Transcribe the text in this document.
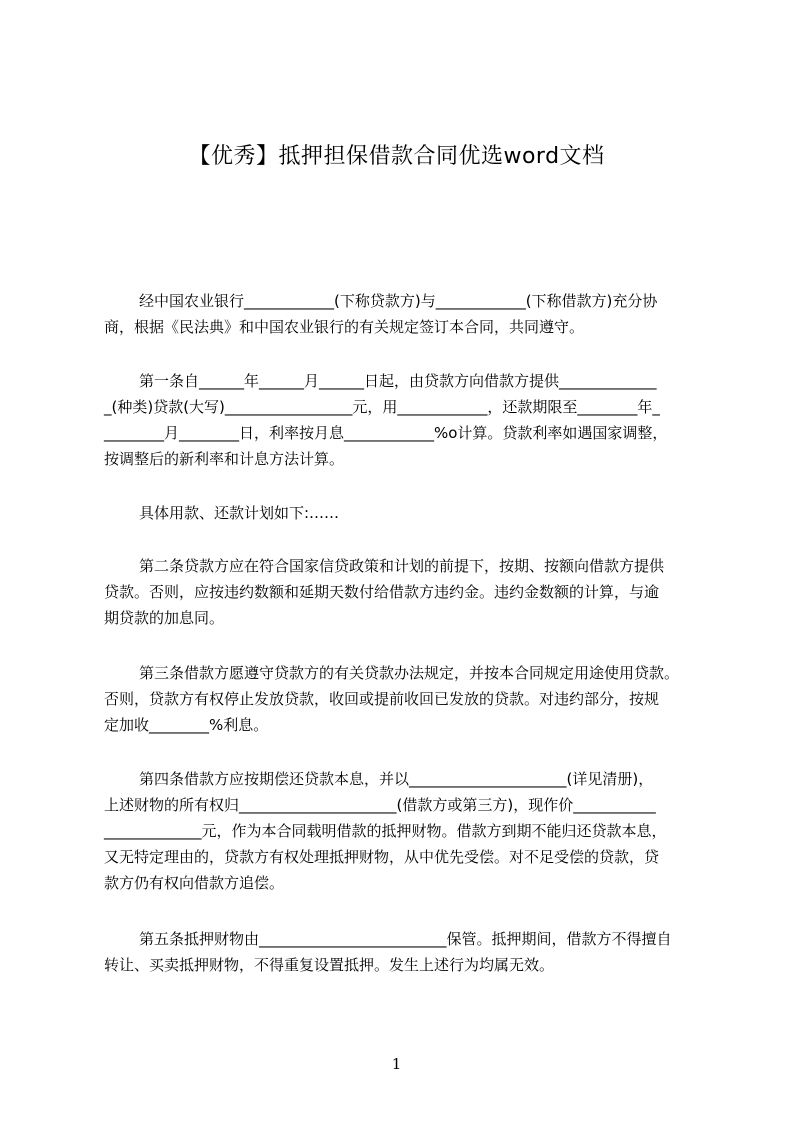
【优秀】抵押担保借款合同优选word文档

经中国农业银行____________(下称贷款方)与____________(下称借款方)充分协
商，根据《民法典》和中国农业银行的有关规定签订本合同，共同遵守。

第一条自______年______月______日起，由贷款方向借款方提供_____________
_(种类)贷款(大写)_________________元，用____________，还款期限至________年_
________月________日，利率按月息____________%o计算。贷款利率如遇国家调整，
按调整后的新利率和计息方法计算。

具体用款、还款计划如下:……

第二条贷款方应在符合国家信贷政策和计划的前提下，按期、按额向借款方提供
贷款。否则，应按违约数额和延期天数付给借款方违约金。违约金数额的计算，与逾
期贷款的加息同。

第三条借款方愿遵守贷款方的有关贷款办法规定，并按本合同规定用途使用贷款。
否则，贷款方有权停止发放贷款，收回或提前收回已发放的贷款。对违约部分，按规
定加收________%利息。

第四条借款方应按期偿还贷款本息，并以_____________________(详见清册)，
上述财物的所有权归_____________________(借款方或第三方)，现作价___________
_____________元，作为本合同载明借款的抵押财物。借款方到期不能归还贷款本息，
又无特定理由的，贷款方有权处理抵押财物，从中优先受偿。对不足受偿的贷款，贷
款方仍有权向借款方追偿。

第五条抵押财物由_________________________保管。抵押期间，借款方不得擅自
转让、买卖抵押财物，不得重复设置抵押。发生上述行为均属无效。

1
